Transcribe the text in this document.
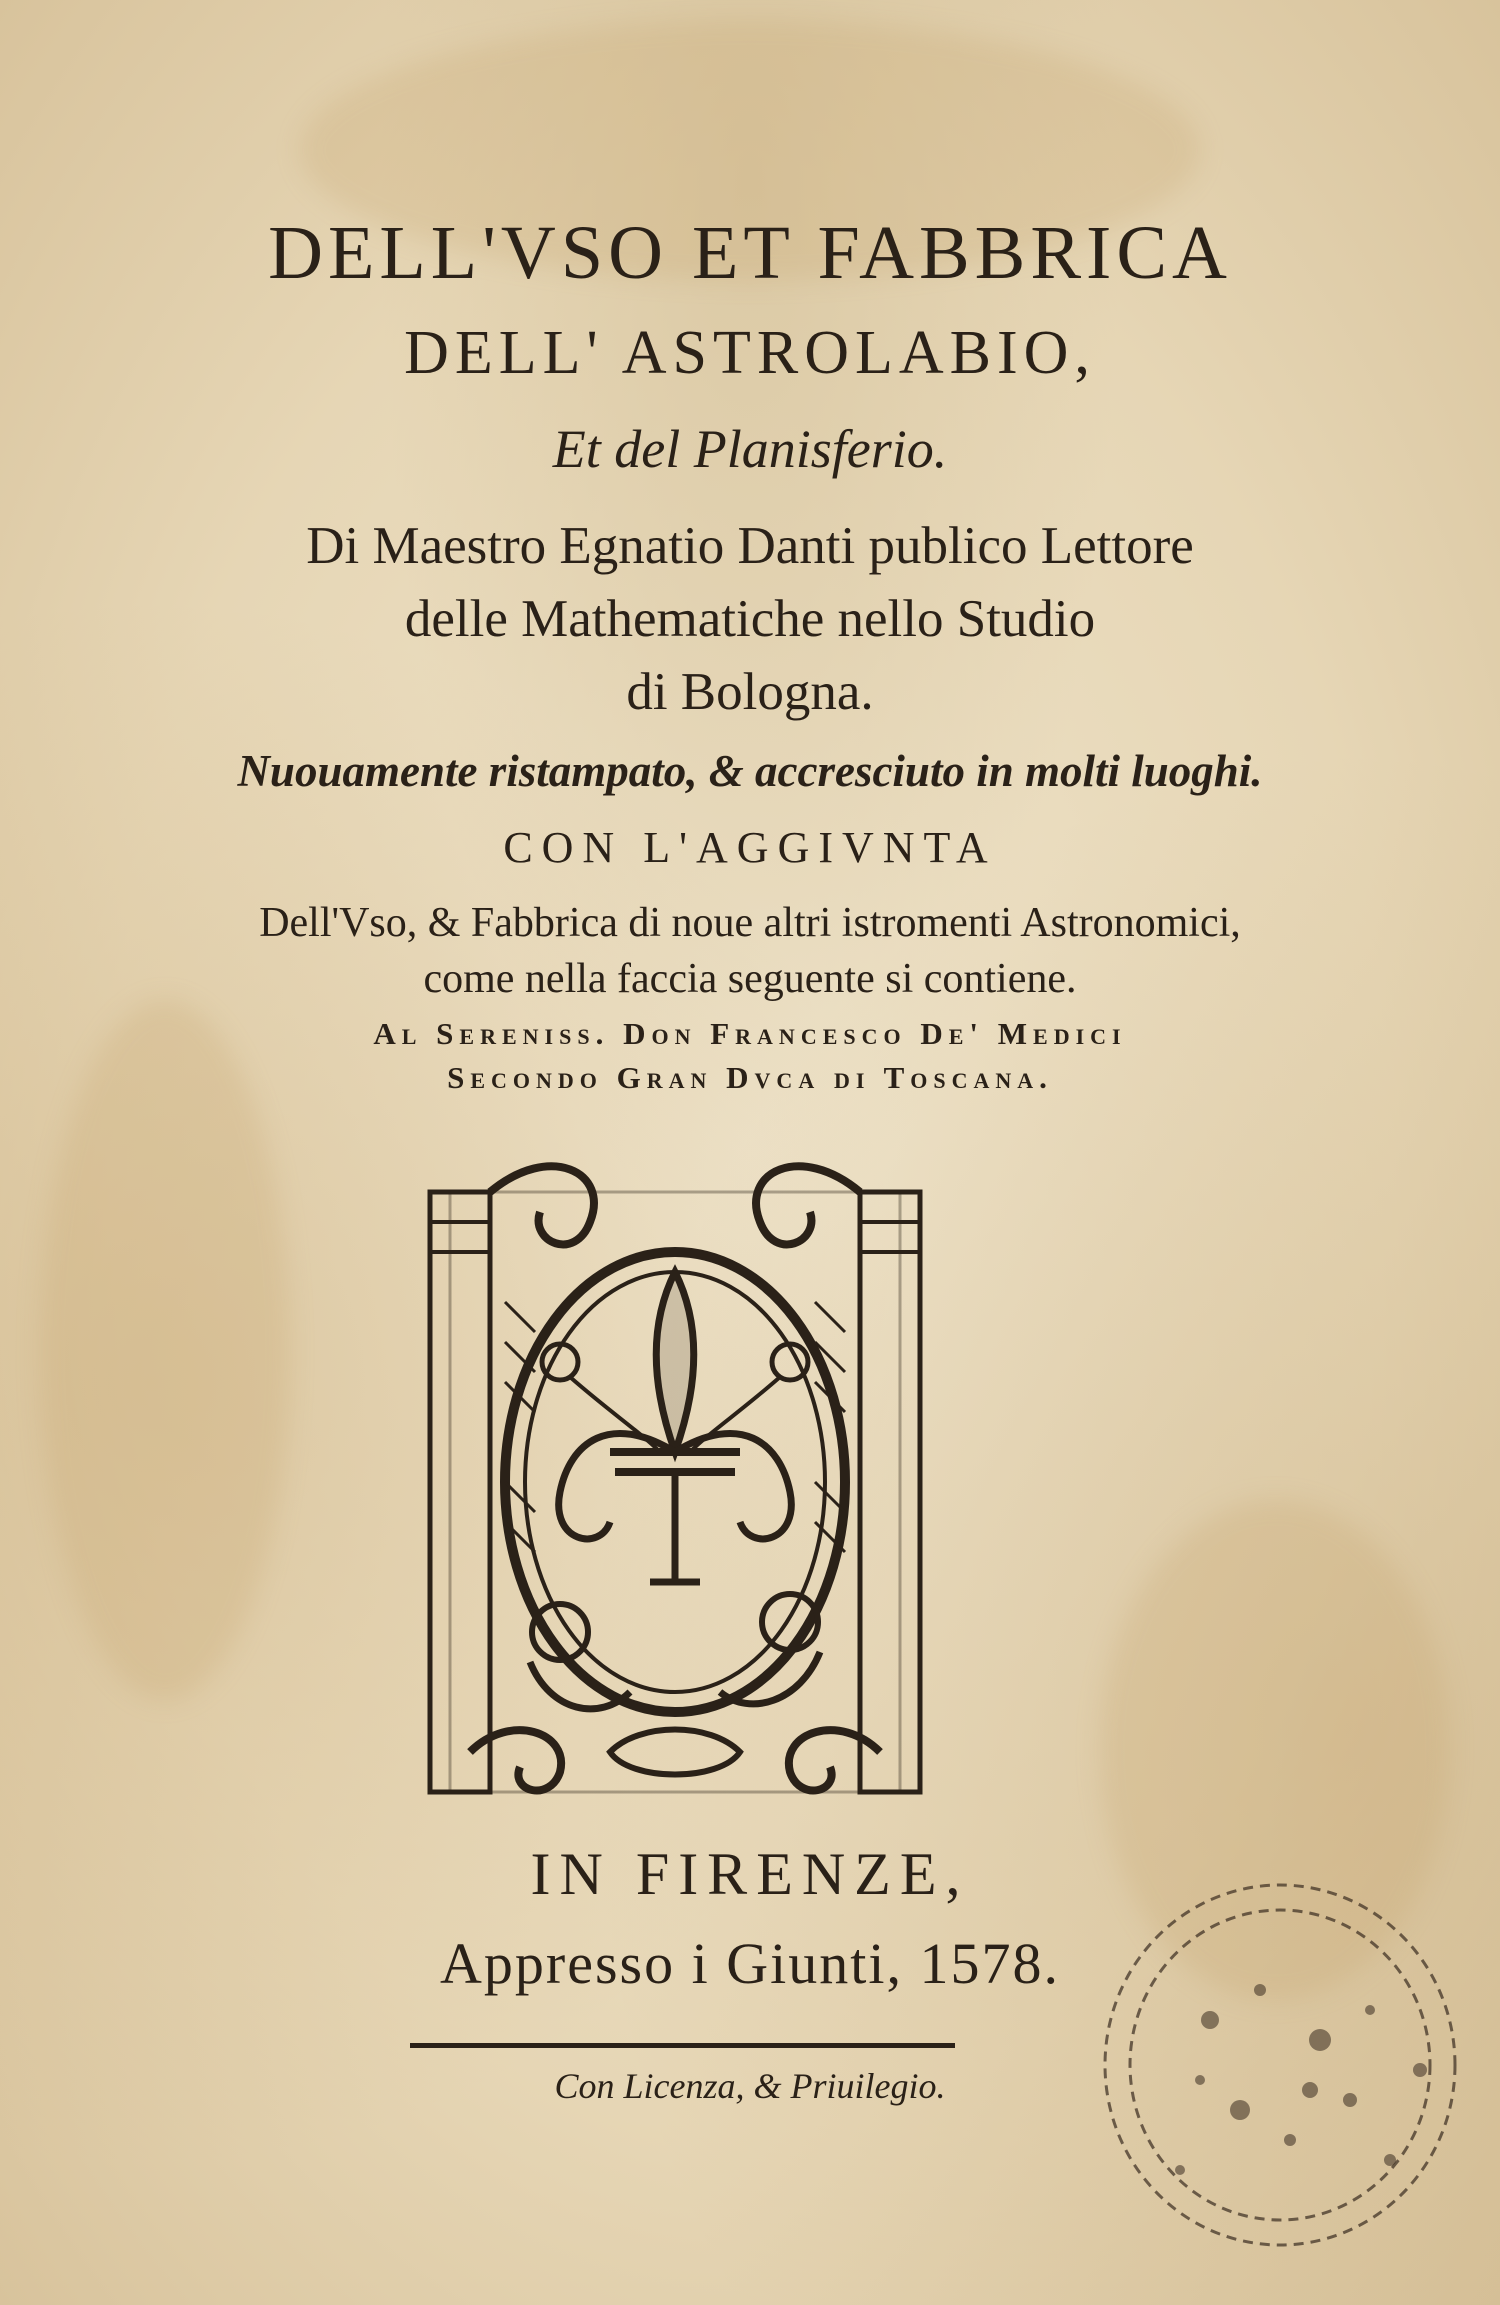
DELL'VSO ET FABBRICA
DELL' ASTROLABIO,
Et del Planisferio.
Di Maestro Egnatio Danti publico Lettore
delle Mathematiche nello Studio
di Bologna.
Nuouamente ristampato, & accresciuto in molti luoghi.
CON L'AGGIVNTA
Dell'Vso, & Fabbrica di noue altri istromenti Astronomici,
come nella faccia seguente si contiene.
Al Sereniss. Don Francesco De' Medici
Secondo Gran Dvca di Toscana.
IN FIRENZE,
Appresso i Giunti, 1578.
Con Licenza, & Priuilegio.
